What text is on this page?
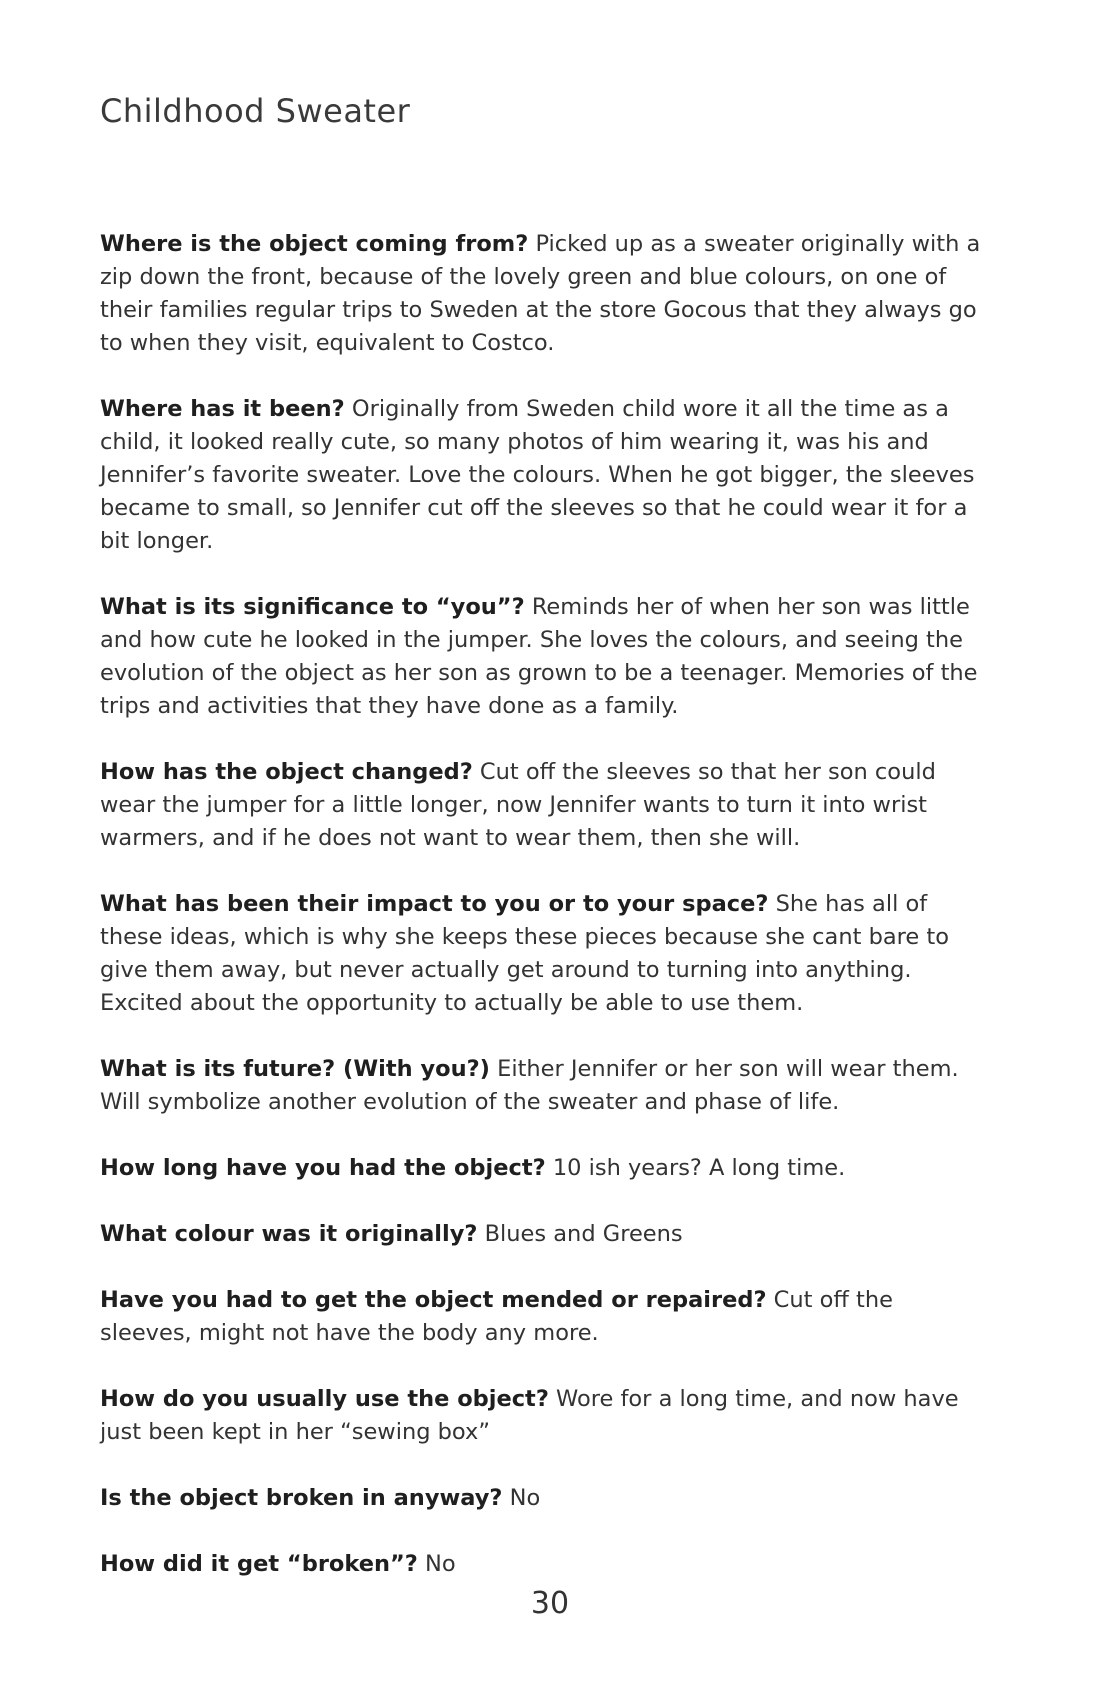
Childhood Sweater

Where is the object coming from? Picked up as a sweater originally with a zip down the front, because of the lovely green and blue colours, on one of their families regular trips to Sweden at the store Gocous that they always go to when they visit, equivalent to Costco.

Where has it been? Originally from Sweden child wore it all the time as a child, it looked really cute, so many photos of him wearing it, was his and Jennifer’s favorite sweater. Love the colours. When he got bigger, the sleeves became to small, so Jennifer cut off the sleeves so that he could wear it for a bit longer.

What is its significance to “you”? Reminds her of when her son was little and how cute he looked in the jumper. She loves the colours, and seeing the evolution of the object as her son as grown to be a teenager. Memories of the trips and activities that they have done as a family.

How has the object changed? Cut off the sleeves so that her son could wear the jumper for a little longer, now Jennifer wants to turn it into wrist warmers, and if he does not want to wear them, then she will.

What has been their impact to you or to your space? She has all of these ideas, which is why she keeps these pieces because she cant bare to give them away, but never actually get around to turning into anything. Excited about the opportunity to actually be able to use them.

What is its future? (With you?) Either Jennifer or her son will wear them. Will symbolize another evolution of the sweater and phase of life.

How long have you had the object? 10 ish years? A long time.

What colour was it originally? Blues and Greens

Have you had to get the object mended or repaired? Cut off the sleeves, might not have the body any more.

How do you usually use the object? Wore for a long time, and now have just been kept in her “sewing box”

Is the object broken in anyway? No

How did it get “broken”? No

30
